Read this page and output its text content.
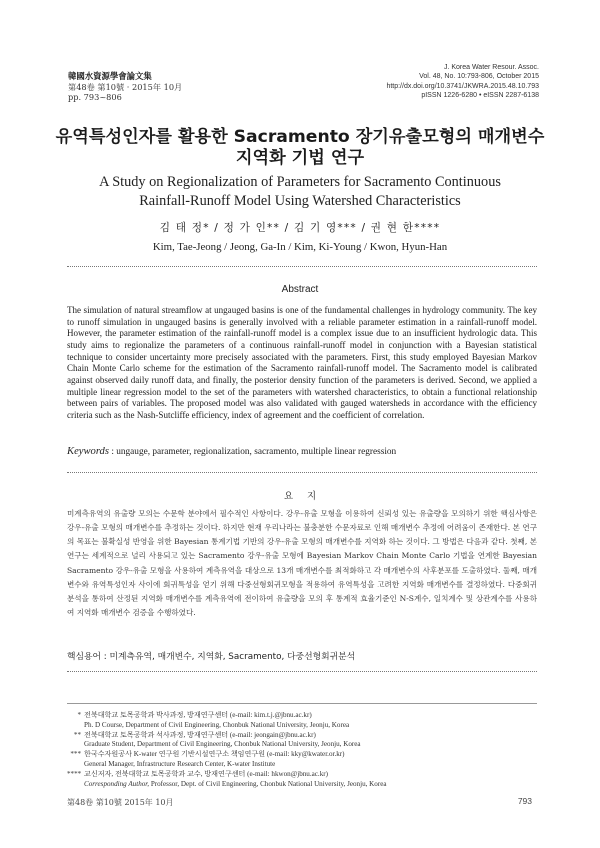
韓國水資源學會論文集
第48卷 第10號 · 2015年 10月
pp. 793~806
J. Korea Water Resour. Assoc.
Vol. 48, No. 10:793-806, October 2015
http://dx.doi.org/10.3741/JKWRA.2015.48.10.793
pISSN 1226-6280 • eISSN 2287-6138
유역특성인자를 활용한 Sacramento 장기유출모형의 매개변수
지역화 기법 연구
A Study on Regionalization of Parameters for Sacramento Continuous
Rainfall-Runoff Model Using Watershed Characteristics
김 태 정* / 정 가 인** / 김 기 영*** / 권 현 한****
Kim, Tae-Jeong / Jeong, Ga-In / Kim, Ki-Young / Kwon, Hyun-Han
Abstract
The simulation of natural streamflow at ungauged basins is one of the fundamental challenges in hydrology community. The key to runoff simulation in ungauged basins is generally involved with a reliable parameter estimation in a rainfall-runoff model. However, the parameter estimation of the rainfall-runoff model is a complex issue due to an insufficient hydrologic data. This study aims to regionalize the parameters of a continuous rainfall-runoff model in conjunction with a Bayesian statistical technique to consider uncertainty more precisely associated with the parameters. First, this study employed Bayesian Markov Chain Monte Carlo scheme for the estimation of the Sacramento rainfall-runoff model. The Sacramento model is calibrated against observed daily runoff data, and finally, the posterior density function of the parameters is derived. Second, we applied a multiple linear regression model to the set of the parameters with watershed characteristics, to obtain a functional relationship between pairs of variables. The proposed model was also validated with gauged watersheds in accordance with the efficiency criteria such as the Nash-Sutcliffe efficiency, index of agreement and the coefficient of correlation.
Keywords : ungauge, parameter, regionalization, sacramento, multiple linear regression
요지
미계측유역의 유출량 모의는 수문학 분야에서 필수적인 사항이다. 강우-유출 모형을 이용하여 신뢰성 있는 유출량을 모의하기 위한 핵심사항은 강우-유출 모형의 매개변수를 추정하는 것이다. 하지만 현재 우리나라는 불충분한 수문자료로 인해 매개변수 추정에 어려움이 존재한다. 본 연구의 목표는 불확실성 반영을 위한 Bayesian 통계기법 기반의 강우-유출 모형의 매개변수를 지역화 하는 것이다. 그 방법은 다음과 같다. 첫째, 본 연구는 세계적으로 널리 사용되고 있는 Sacramento 강우-유출 모형에 Bayesian Markov Chain Monte Carlo 기법을 연계한 Bayesian Sacramento 강우-유출 모형을 사용하여 계측유역을 대상으로 13개 매개변수를 최적화하고 각 매개변수의 사후분포를 도출하였다. 둘째, 매개변수와 유역특성인자 사이에 회귀특성을 얻기 위해 다중선형회귀모형을 적용하여 유역특성을 고려한 지역화 매개변수를 결정하였다. 다중회귀분석을 통하여 산정된 지역화 매개변수를 계측유역에 전이하여 유출량을 모의 후 통계적 효율기준인 N-S계수, 일치계수 및 상관계수를 사용하여 지역화 매개변수 검증을 수행하였다.
핵심용어 : 미계측유역, 매개변수, 지역화, Sacramento, 다중선형회귀분석
* 전북대학교 토목공학과 박사과정, 방재연구센터 (e-mail: kim.t.j.@jbnu.ac.kr)
Ph. D Course, Department of Civil Engineering, Chonbuk National University, Jeonju, Korea
** 전북대학교 토목공학과 석사과정, 방재연구센터 (e-mail: jeongain@jbnu.ac.kr)
Graduate Student, Department of Civil Engineering, Chonbuk National University, Jeonju, Korea
*** 한국수자원공사 K-water 연구원 기반시설연구소 책임연구원 (e-mail: kky@kwater.or.kr)
General Manager, Infrastructure Research Center, K-water Institute
**** 교신저자, 전북대학교 토목공학과 교수, 방재연구센터 (e-mail: hkwon@jbnu.ac.kr)
Corresponding Author, Professor, Dept. of Civil Engineering, Chonbuk National University, Jeonju, Korea
第48卷 第10號 2015年 10月	793
